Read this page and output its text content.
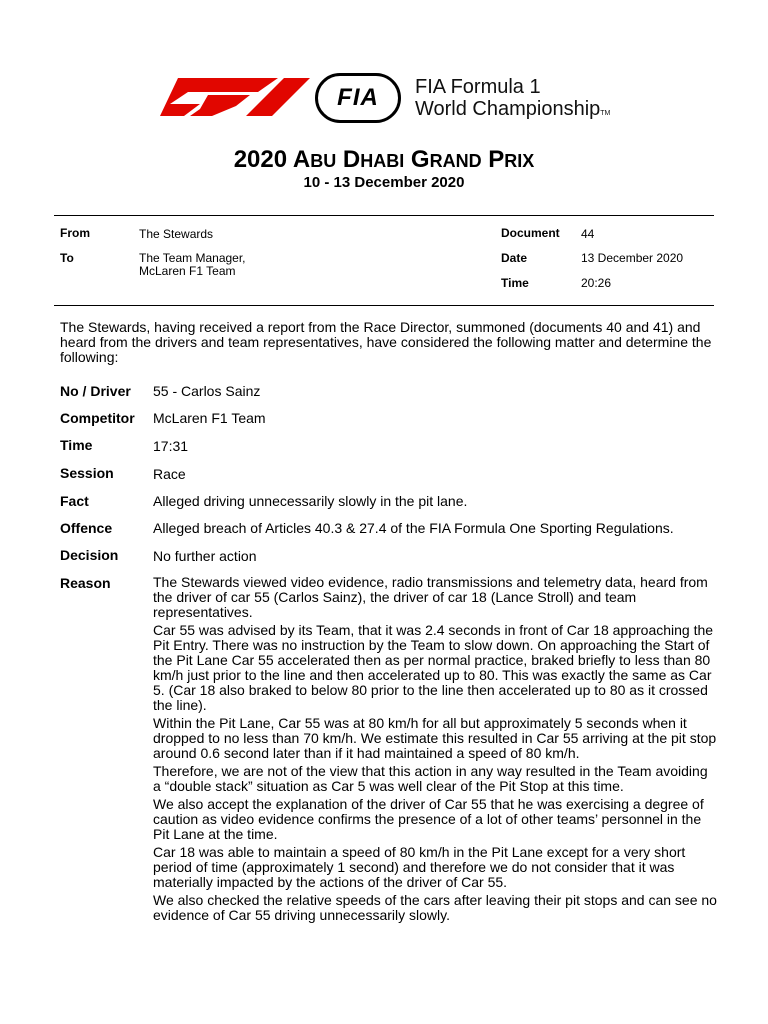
FIA FIA Formula 1
World ChampionshipTM
2020 ABU DHABI GRAND PRIX
10 - 13 December 2020
From	The Stewards
To	The Team Manager,
McLaren F1 Team
Document 44
Date	13 December 2020
Time	20:26
The Stewards, having received a report from the Race Director, summoned (documents 40 and 41) and heard from the drivers and team representatives, have considered the following matter and determine the following:
No / Driver 55 - Carlos Sainz
Competitor McLaren F1 Team
Time	17:31
Session	Race
Fact	Alleged driving unnecessarily slowly in the pit lane.
Offence	Alleged breach of Articles 40.3 & 27.4 of the FIA Formula One Sporting Regulations.
Decision No further action
Reason	The Stewards viewed video evidence, radio transmissions and telemetry data, heard from the driver of car 55 (Carlos Sainz), the driver of car 18 (Lance Stroll) and team representatives.

Car 55 was advised by its Team, that it was 2.4 seconds in front of Car 18 approaching the Pit Entry. There was no instruction by the Team to slow down. On approaching the Start of the Pit Lane Car 55 accelerated then as per normal practice, braked briefly to less than 80 km/h just prior to the line and then accelerated up to 80. This was exactly the same as Car 5. (Car 18 also braked to below 80 prior to the line then accelerated up to 80 as it crossed the line).

Within the Pit Lane, Car 55 was at 80 km/h for all but approximately 5 seconds when it dropped to no less than 70 km/h. We estimate this resulted in Car 55 arriving at the pit stop around 0.6 second later than if it had maintained a speed of 80 km/h.

Therefore, we are not of the view that this action in any way resulted in the Team avoiding a “double stack” situation as Car 5 was well clear of the Pit Stop at this time.

We also accept the explanation of the driver of Car 55 that he was exercising a degree of caution as video evidence confirms the presence of a lot of other teams’ personnel in the Pit Lane at the time.

Car 18 was able to maintain a speed of 80 km/h in the Pit Lane except for a very short period of time (approximately 1 second) and therefore we do not consider that it was materially impacted by the actions of the driver of Car 55.

We also checked the relative speeds of the cars after leaving their pit stops and can see no evidence of Car 55 driving unnecessarily slowly.
